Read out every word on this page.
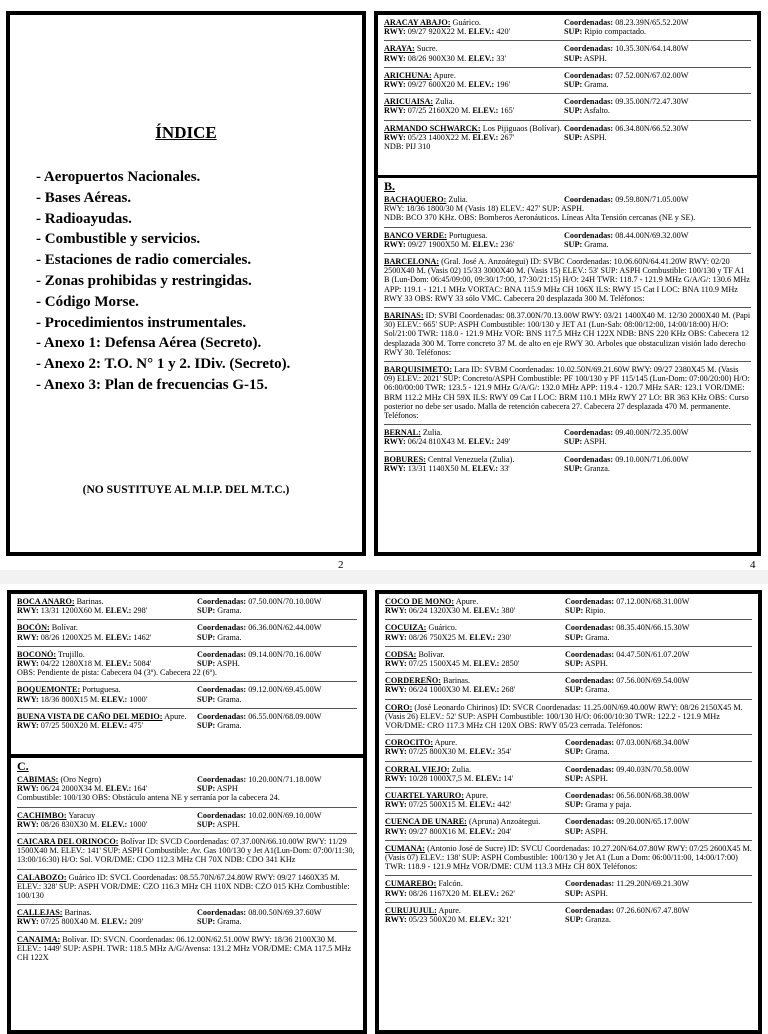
ÍNDICE
- Aeropuertos Nacionales.
- Bases Aéreas.
- Radioayudas.
- Combustible y servicios.
- Estaciones de radio comerciales.
- Zonas prohibidas y restringidas.
- Código Morse.
- Procedimientos instrumentales.
- Anexo 1: Defensa Aérea (Secreto).
- Anexo 2: T.O. N° 1 y 2. IDiv. (Secreto).
- Anexo 3: Plan de frecuencias G-15.
(NO SUSTITUYE AL M.I.P. DEL M.T.C.)
2
ARACAY ABAJO: Guárico.	Coordenadas: 08.23.39N/65.52.20W
RWY: 09/27 920X22 M. ELEV.: 420'	SUP: Ripio compactado.
ARAYA: Sucre.	Coordenadas: 10.35.30N/64.14.80W
RWY: 08/26 900X30 M. ELEV.: 33'	SUP: ASPH.
ARICHUNA: Apure.	Coordenadas: 07.52.00N/67.02.00W
RWY: 09/27 600X20 M. ELEV.: 196'	SUP: Grama.
ARICUAISA: Zulia.	Coordenadas: 09.35.00N/72.47.30W
RWY: 07/25 2160X20 M. ELEV.: 165'	SUP: Asfalto.
ARMANDO SCHWARCK: Los Pijiguaos (Bolívar). Coordenadas: 06.34.80N/66.52.30W
RWY: 05/23 1400X22 M. ELEV.: 267'	SUP: ASPH.
NDB: PIJ 310
B.
BACHAQUERO: Zulia.	Coordenadas: 09.59.80N/71.05.00W
RWY: 18/36 1800/30 M (Vasis 18) ELEV.: 427' SUP: ASPH.
NDB: BCO 370 KHz. OBS: Bomberos Aeronáuticos. Líneas Alta Tensión cercanas (NE y SE).
BANCO VERDE: Portuguesa.	Coordenadas: 08.44.00N/69.32.00W
RWY: 09/27 1900X50 M. ELEV.: 236'	SUP: Grama.
BARCELONA: (Gral. José A. Anzoátegui) ID: SVBC Coordenadas: 10.06.60N/64.41.20W RWY: 02/20 2500X40 M. (Vasis 02) 15/33 3000X40 M. (Vasis 15) ELEV.: 53' SUP: ASPH Combustible: 100/130 y TF A1 B (Lun-Dom: 06:45/09:00, 09:30/17:00, 17:30/21:15) H/O: 24H TWR: 118.7 - 121.9 MHz G/A/G/: 130.6 MHz APP: 119.1 - 121.1 MHz VORTAC: BNA 115.9 MHz CH 106X ILS: RWY 15 Cat I LOC: BNA 110.9 MHz RWY 33 OBS: RWY 33 sólo VMC. Cabecera 20 desplazada 300 M. Teléfonos:
BARINAS: ID: SVBI Coordenadas: 08.37.00N/70.13.00W RWY: 03/21 1400X40 M. 12/30 2000X40 M. (Papi 30) ELEV.: 665' SUP: ASPH Combustible: 100/130 y JET A1 (Lun-Sab: 08:00/12:00, 14:00/18:00) H/O: Sol/21:00 TWR: 118.0 - 121.9 MHz VOR: BNS 117.5 MHz CH 122X NDB: BNS 220 KHz OBS: Cabecera 12 desplazada 300 M. Torre concreto 37 M. de alto en eje RWY 30. Arboles que obstaculizan visión lado derecho RWY 30. Teléfonos:
BARQUISIMETO: Lara ID: SVBM Coordenadas: 10.02.50N/69.21.60W RWY: 09/27 2380X45 M. (Vasis 09) ELEV.: 2021' SUP: Concreto/ASPH Combustible: PF 100/130 y PF 115/145 (Lun-Dom: 07:00/20:00) H/O: 06:00/00:00 TWR: 123.5 - 121.9 MHz G/A/G/: 132.0 MHz APP: 119.4 - 120.7 MHz SAR: 123.1 VOR/DME: BRM 112.2 MHz CH 59X ILS: RWY 09 Cat I LOC: BRM 110.1 MHz RWY 27 LO: BR 363 KHz OBS: Curso posterior no debe ser usado. Malla de retención cabecera 27. Cabecera 27 desplazada 470 M. permanente. Teléfonos:
BERNAL: Zulia.	Coordenadas: 09.40.00N/72.35.00W
RWY: 06/24 810X43 M. ELEV.: 249'	SUP: ASPH.
BOBURES: Central Venezuela (Zulia).	Coordenadas: 09.10.00N/71.06.00W
RWY: 13/31 1140X50 M. ELEV.: 33'	SUP: Granza.
4
BOCA ANARO: Barinas.	Coordenadas: 07.50.00N/70.10.00W
RWY: 13/31 1200X60 M. ELEV.: 298'	SUP: Grama.
BOCÓN: Bolívar.	Coordenadas: 06.36.00N/62.44.00W
RWY: 08/26 1200X25 M. ELEV.: 1462'	SUP: Grama.
BOCONÓ: Trujillo.	Coordenadas: 09.14.00N/70.16.00W
RWY: 04/22 1280X18 M. ELEV.: 5084'	SUP: ASPH.
OBS: Pendiente de pista: Cabecera 04 (3º). Cabecera 22 (6º).
BOQUEMONTE: Portuguesa.	Coordenadas: 09.12.00N/69.45.00W
RWY: 18/36 800X15 M. ELEV.: 1000'	SUP: Grama.
BUENA VISTA DE CAÑO DEL MEDIO: Apure.	Coordenadas: 06.55.00N/68.09.00W
RWY: 07/25 500X20 M. ELEV.: 475'	SUP: Grama.
C.
CABIMAS: (Oro Negro)	Coordenadas: 10.20.00N/71.18.00W
RWY: 06/24 2000X34 M. ELEV.: 164'	SUP: ASPH
Combustible: 100/130 OBS: Obstáculo antena NE y serranía por la cabecera 24.
CACHIMBO: Yaracuy	Coordenadas: 10.02.00N/69.10.00W
RWY: 08/26 830X30 M. ELEV.: 1000'	SUP: ASPH.
CAICARA DEL ORINOCO: Bolívar ID: SVCD Coordenadas: 07.37.00N/66.10.00W RWY: 11/29 1500X40 M. ELEV.: 141' SUP: ASPH Combustible: Av. Gas 100/130 y Jet A1(Lun-Dom: 07:00/11:30, 13:00/16:30) H/O: Sol. VOR/DME: CDO 112.3 MHz CH 70X NDB: CDO 341 KHz
CALABOZO: Guárico ID: SVCL Coordenadas: 08.55.70N/67.24.80W RWY: 09/27 1460X35 M. ELEV.: 328' SUP: ASPH VOR/DME: CZO 116.3 MHz CH 110X NDB: CZO 015 KHz Combustible: 100/130
CALLEJAS: Barinas.	Coordenadas: 08.00.50N/69.37.60W
RWY: 07/25 800X40 M. ELEV.: 209'	SUP: Grama.
CANAIMA: Bolívar. ID: SVCN. Coordenadas: 06.12.00N/62.51.00W RWY: 18/36 2100X30 M. ELEV.: 1449' SUP: ASPH. TWR: 118.5 MHz A/G/Avensa: 131.2 MHz VOR/DME: CMA 117.5 MHz CH 122X
COCO DE MONO: Apure.	Coordenadas: 07.12.00N/68.31.00W
RWY: 06/24 1320X30 M. ELEV.: 380'	SUP: Ripio.
COCUIZA: Guárico.	Coordenadas: 08.35.40N/66.15.30W
RWY: 08/26 750X25 M. ELEV.: 230'	SUP: Grama.
CODSA: Bolívar.	Coordenadas: 04.47.50N/61.07.20W
RWY: 07/25 1500X45 M. ELEV.: 2850'	SUP: ASPH.
CORDEREÑO: Barinas.	Coordenadas: 07.56.00N/69.54.00W
RWY: 06/24 1000X30 M. ELEV.: 268'	SUP: Grama.
CORO: (José Leonardo Chirinos) ID: SVCR Coordenadas: 11.25.00N/69.40.00W RWY: 08/26 2150X45 M. (Vasis 26) ELEV.: 52' SUP: ASPH Combustible: 100/130 H/O: 06:00/10:30 TWR: 122.2 - 121.9 MHz VOR/DME: CRO 117.3 MHz CH 120X OBS: RWY 05/23 cerrada. Teléfonos:
COROCITO: Apure.	Coordenadas: 07.03.00N/68.34.00W
RWY: 07/25 800X30 M. ELEV.: 354'	SUP: Grama.
CORRAL VIEJO: Zulia.	Coordenadas: 09.40.03N/70.58.00W
RWY: 10/28 1000X7,5 M. ELEV.: 14'	SUP: ASPH.
CUARTEL YARURO: Apure.	Coordenadas: 06.56.00N/68.38.00W
RWY: 07/25 500X15 M. ELEV.: 442'	SUP: Grama y paja.
CUENCA DE UNARE: (Apruna) Anzoátegui.	Coordenadas: 09.20.00N/65.17.00W
RWY: 09/27 800X16 M. ELEV.: 204'	SUP: ASPH.
CUMANA: (Antonio José de Sucre) ID: SVCU Coordenadas: 10.27.20N/64.07.80W RWY: 07/25 2600X45 M. (Vasis 07) ELEV.: 138' SUP: ASPH Combustible: 100/130 y Jet A1 (Lun a Dom: 06:00/11:00, 14:00/17:00) TWR: 118.9 - 121.9 MHz VOR/DME: CUM 113.3 MHz CH 80X Teléfonos:
CUMAREBO: Falcón.	Coordenadas: 11.29.20N/69.21.30W
RWY: 08/26 1167X20 M. ELEV.: 262'	SUP: ASPH.
CURUJUJUL: Apure.	Coordenadas: 07.26.60N/67.47.80W
RWY: 05/23 500X20 M. ELEV.: 321'	SUP: Granza.
